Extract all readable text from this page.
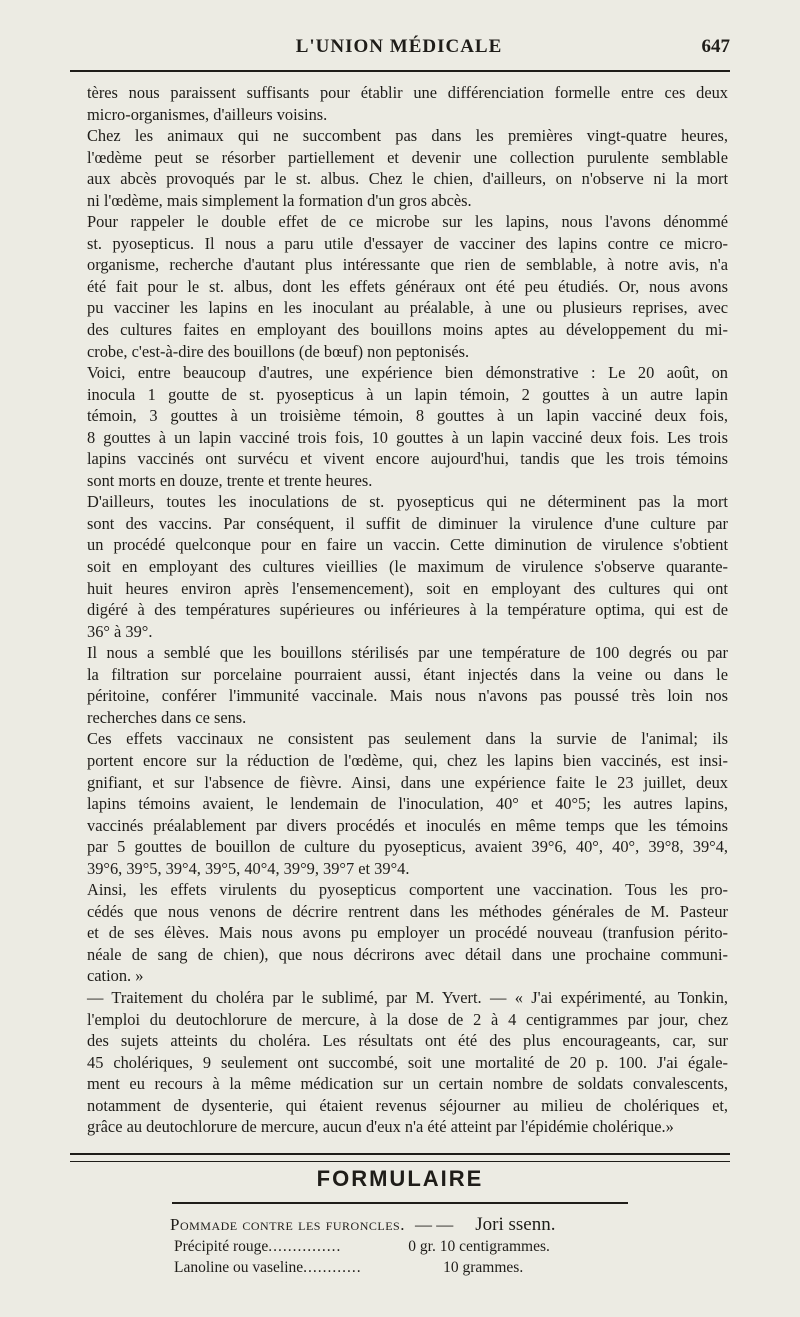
L'UNION MÉDICALE	647

tères nous paraissent suffisants pour établir une différenciation formelle entre ces deux
micro-organismes, d'ailleurs voisins.

Chez les animaux qui ne succombent pas dans les premières vingt-quatre heures,
l'œdème peut se résorber partiellement et devenir une collection purulente semblable
aux abcès provoqués par le st. albus. Chez le chien, d'ailleurs, on n'observe ni la mort
ni l'œdème, mais simplement la formation d'un gros abcès.

Pour rappeler le double effet de ce microbe sur les lapins, nous l'avons dénommé
st. pyosepticus. Il nous a paru utile d'essayer de vacciner des lapins contre ce micro-
organisme, recherche d'autant plus intéressante que rien de semblable, à notre avis, n'a
été fait pour le st. albus, dont les effets généraux ont été peu étudiés. Or, nous avons
pu vacciner les lapins en les inoculant au préalable, à une ou plusieurs reprises, avec
des cultures faites en employant des bouillons moins aptes au développement du mi-
crobe, c'est-à-dire des bouillons (de bœuf) non peptonisés.

Voici, entre beaucoup d'autres, une expérience bien démonstrative : Le 20 août, on
inocula 1 goutte de st. pyosepticus à un lapin témoin, 2 gouttes à un autre lapin
témoin, 3 gouttes à un troisième témoin, 8 gouttes à un lapin vacciné deux fois,
8 gouttes à un lapin vacciné trois fois, 10 gouttes à un lapin vacciné deux fois. Les trois
lapins vaccinés ont survécu et vivent encore aujourd'hui, tandis que les trois témoins
sont morts en douze, trente et trente heures.

D'ailleurs, toutes les inoculations de st. pyosepticus qui ne déterminent pas la mort
sont des vaccins. Par conséquent, il suffit de diminuer la virulence d'une culture par
un procédé quelconque pour en faire un vaccin. Cette diminution de virulence s'obtient
soit en employant des cultures vieillies (le maximum de virulence s'observe quarante-
huit heures environ après l'ensemencement), soit en employant des cultures qui ont
digéré à des températures supérieures ou inférieures à la température optima, qui est de
36° à 39°.

Il nous a semblé que les bouillons stérilisés par une température de 100 degrés ou par
la filtration sur porcelaine pourraient aussi, étant injectés dans la veine ou dans le
péritoine, conférer l'immunité vaccinale. Mais nous n'avons pas poussé très loin nos
recherches dans ce sens.

Ces effets vaccinaux ne consistent pas seulement dans la survie de l'animal; ils
portent encore sur la réduction de l'œdème, qui, chez les lapins bien vaccinés, est insi-
gnifiant, et sur l'absence de fièvre. Ainsi, dans une expérience faite le 23 juillet, deux
lapins témoins avaient, le lendemain de l'inoculation, 40° et 40°5; les autres lapins,
vaccinés préalablement par divers procédés et inoculés en même temps que les témoins
par 5 gouttes de bouillon de culture du pyosepticus, avaient 39°6, 40°, 40°, 39°8, 39°4,
39°6, 39°5, 39°4, 39°5, 40°4, 39°9, 39°7 et 39°4.

Ainsi, les effets virulents du pyosepticus comportent une vaccination. Tous les pro-
cédés que nous venons de décrire rentrent dans les méthodes générales de M. Pasteur
et de ses élèves. Mais nous avons pu employer un procédé nouveau (tranfusion périto-
néale de sang de chien), que nous décrirons avec détail dans une prochaine communi-
cation. »

— Traitement du choléra par le sublimé, par M. Yvert. — « J'ai expérimenté, au Tonkin,
l'emploi du deutochlorure de mercure, à la dose de 2 à 4 centigrammes par jour, chez
des sujets atteints du choléra. Les résultats ont été des plus encourageants, car, sur
45 cholériques, 9 seulement ont succombé, soit une mortalité de 20 p. 100. J'ai égale-
ment eu recours à la même médication sur un certain nombre de soldats convalescents,
notamment de dysenterie, qui étaient revenus séjourner au milieu de cholériques et,
grâce au deutochlorure de mercure, aucun d'eux n'a été atteint par l'épidémie cholérique.»

FORMULAIRE
Pommade contre les furoncles. — — Jori ssenn.
Précipité rouge ...............	0 gr. 10 centigrammes.
Lanoline ou vaseline ............	10 grammes.
